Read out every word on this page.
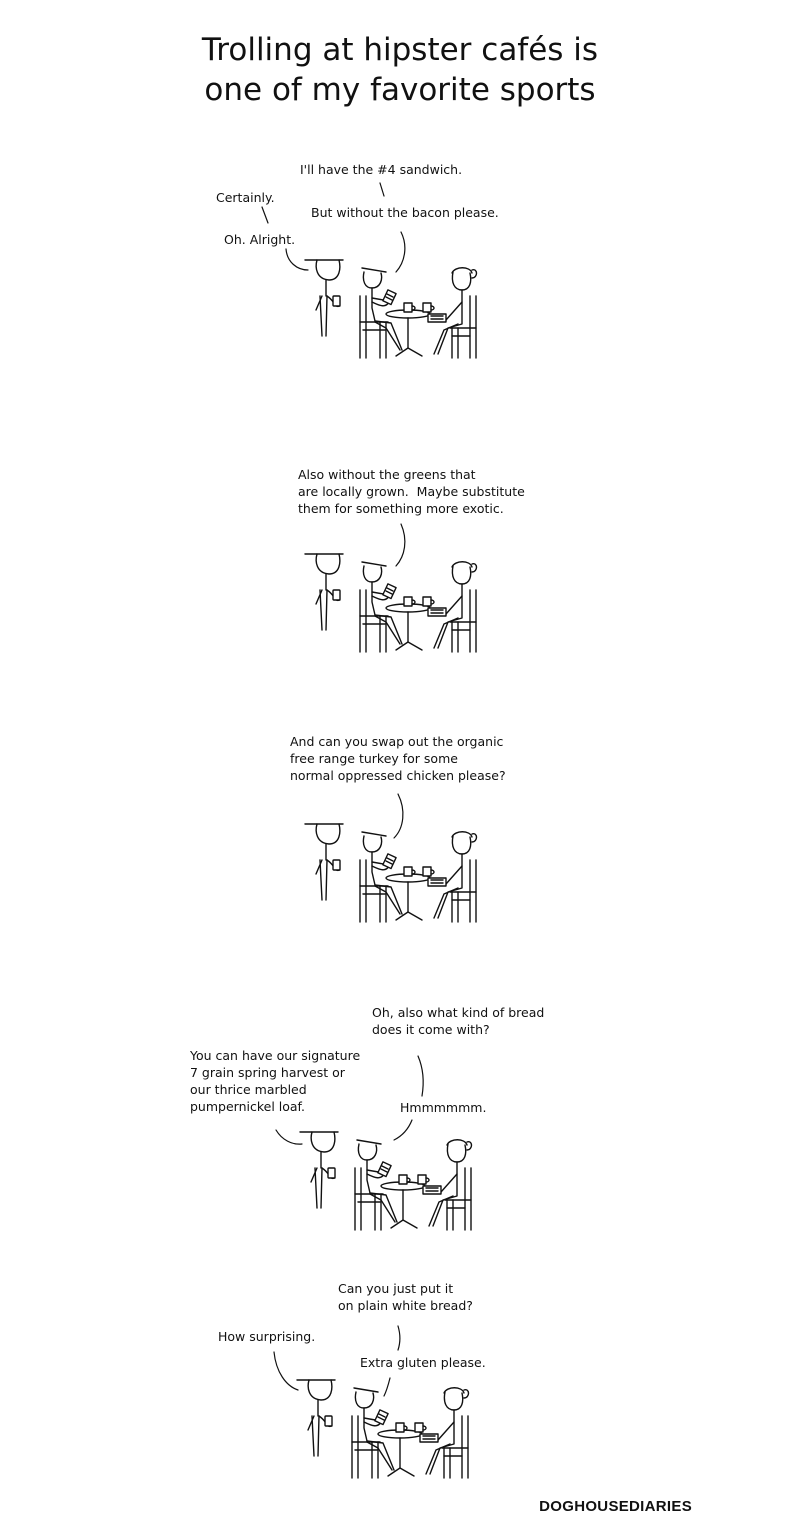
Trolling at hipster cafés is
one of my favorite sports
I'll have the #4 sandwich.
Certainly.
But without the bacon please.
Oh. Alright.
Also without the greens that
are locally grown.  Maybe substitute
them for something more exotic.
And can you swap out the organic
free range turkey for some
normal oppressed chicken please?
Oh, also what kind of bread
does it come with?
You can have our signature
7 grain spring harvest or
our thrice marbled
pumpernickel loaf.	Hmmmmmm.
Can you just put it
on plain white bread?
How surprising.
Extra gluten please.
DOGHOUSEDIARIES
